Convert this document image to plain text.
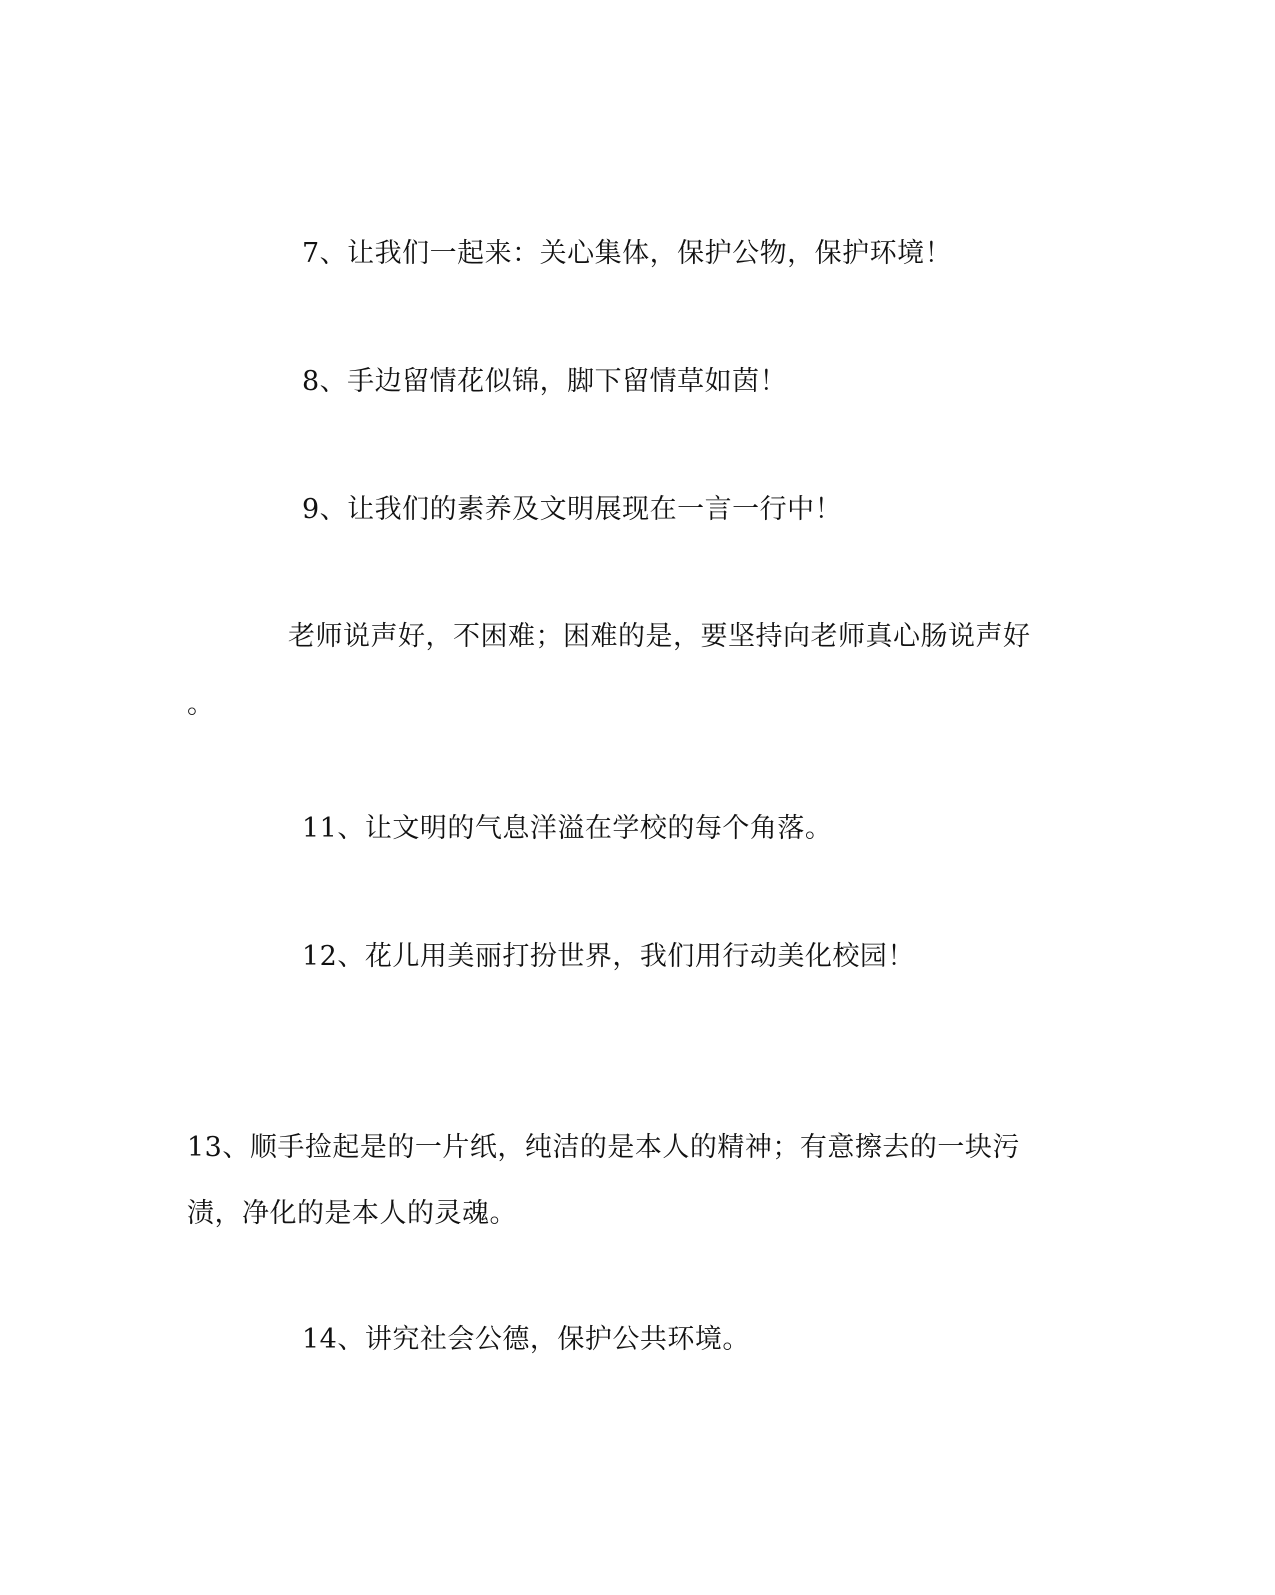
7、让我们一起来：关心集体，保护公物，保护环境！
8、手边留情花似锦，脚下留情草如茵！
9、让我们的素养及文明展现在一言一行中！
老师说声好，不困难；困难的是，要坚持向老师真心肠说声好
。
11、让文明的气息洋溢在学校的每个角落。
12、花儿用美丽打扮世界，我们用行动美化校园！
13、顺手捡起是的一片纸，纯洁的是本人的精神；有意擦去的一块污
渍，净化的是本人的灵魂。
14、讲究社会公德，保护公共环境。
